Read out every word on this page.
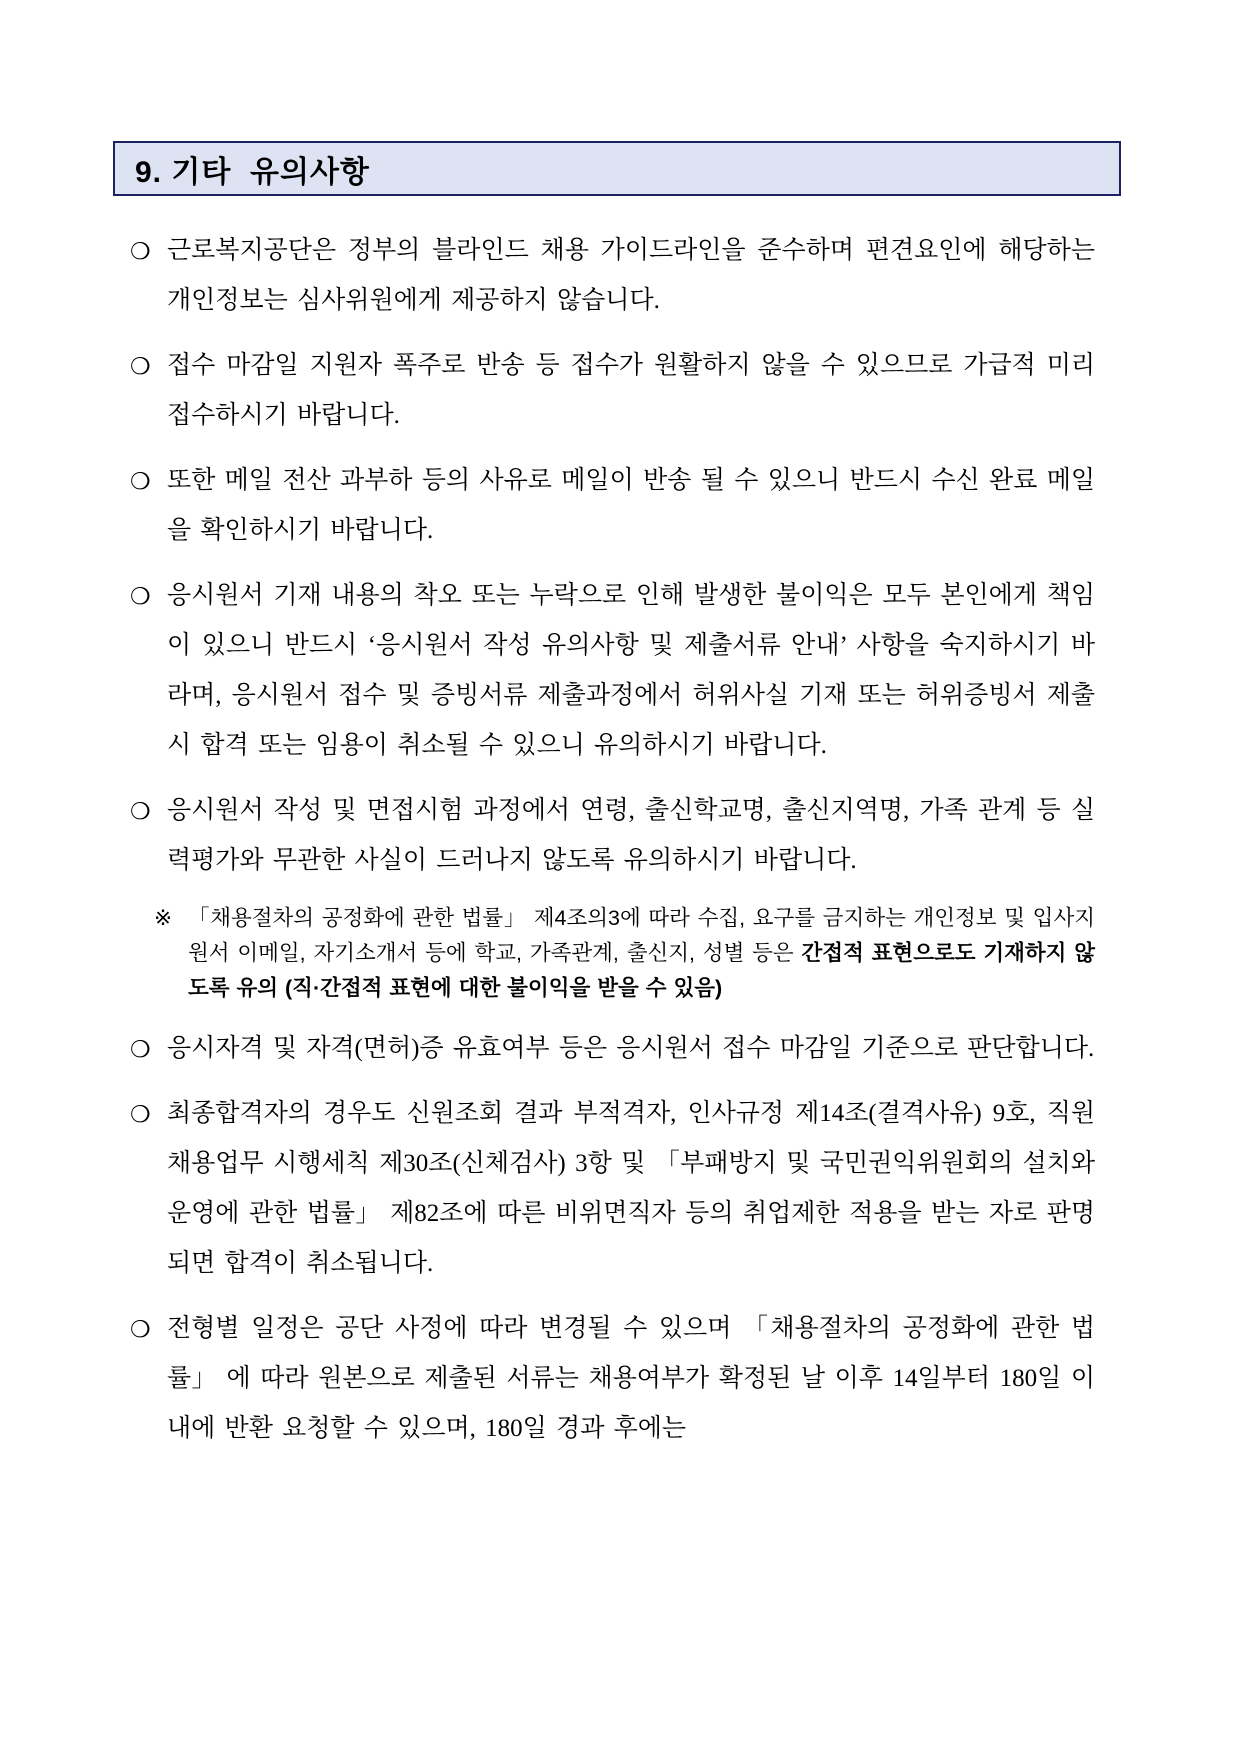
9. 기타  유의사항
❍ 근로복지공단은 정부의 블라인드 채용 가이드라인을 준수하며 편견요인에 해당하는 개인정보는 심사위원에게 제공하지 않습니다.
❍ 접수 마감일 지원자 폭주로 반송 등 접수가 원활하지 않을 수 있으므로 가급적 미리 접수하시기 바랍니다.
❍ 또한 메일 전산 과부하 등의 사유로 메일이 반송 될 수 있으니 반드시 수신 완료 메일을 확인하시기 바랍니다.
❍ 응시원서 기재 내용의 착오 또는 누락으로 인해 발생한 불이익은 모두 본인에게 책임이 있으니 반드시 ‘응시원서 작성 유의사항 및 제출서류 안내’ 사항을 숙지하시기 바라며, 응시원서 접수 및 증빙서류 제출과정에서 허위사실 기재 또는 허위증빙서 제출 시 합격 또는 임용이 취소될 수 있으니 유의하시기 바랍니다.
❍ 응시원서 작성 및 면접시험 과정에서 연령, 출신학교명, 출신지역명, 가족 관계 등 실력평가와 무관한 사실이 드러나지 않도록 유의하시기 바랍니다.
※ 「채용절차의 공정화에 관한 법률」 제4조의3에 따라 수집, 요구를 금지하는 개인정보 및 입사지원서 이메일, 자기소개서 등에 학교, 가족관계, 출신지, 성별 등은 간접적 표현으로도 기재하지 않도록 유의 (직·간접적 표현에 대한 불이익을 받을 수 있음)
❍ 응시자격 및 자격(면허)증 유효여부 등은 응시원서 접수 마감일 기준으로 판단합니다.
❍ 최종합격자의 경우도 신원조회 결과 부적격자, 인사규정 제14조(결격사유) 9호, 직원 채용업무 시행세칙 제30조(신체검사) 3항 및 「부패방지 및 국민권익위원회의 설치와 운영에 관한 법률」 제82조에 따른 비위면직자 등의 취업제한 적용을 받는 자로 판명되면 합격이 취소됩니다.
❍ 전형별 일정은 공단 사정에 따라 변경될 수 있으며 「채용절차의 공정화에 관한 법률」 에 따라 원본으로 제출된 서류는 채용여부가 확정된 날 이후 14일부터 180일 이내에 반환 요청할 수 있으며, 180일 경과 후에는
